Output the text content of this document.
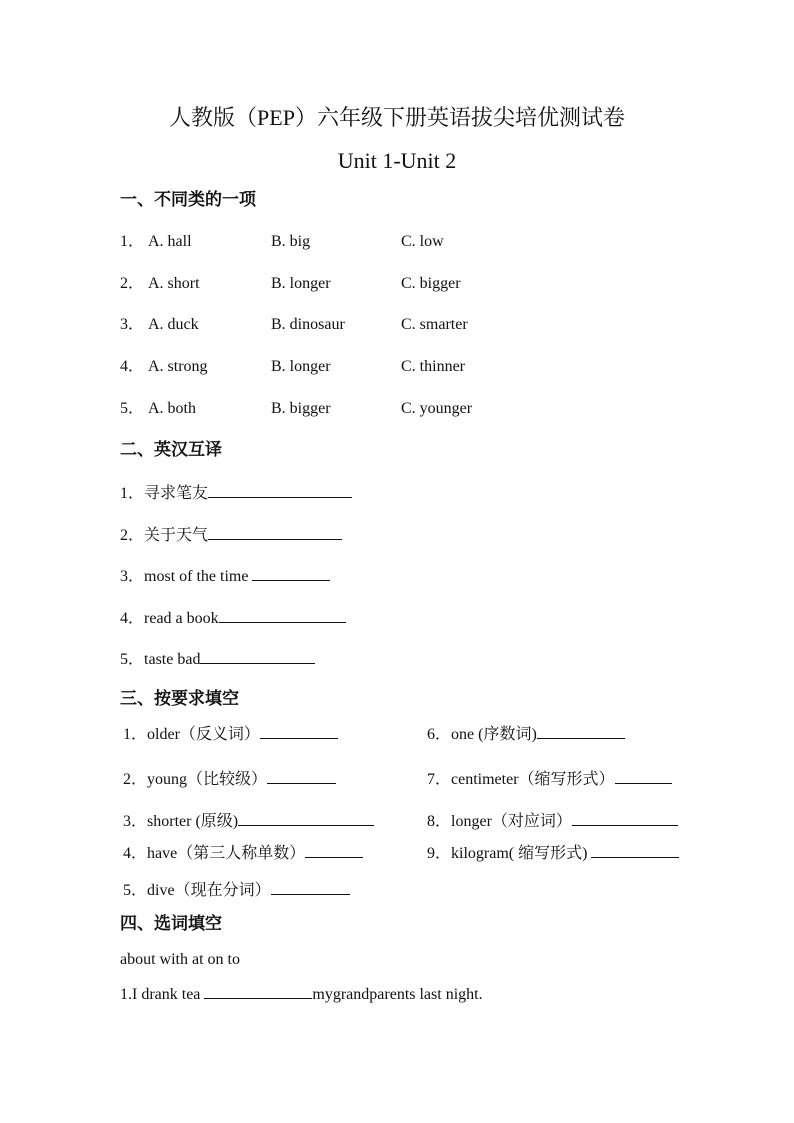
人教版（PEP）六年级下册英语拔尖培优测试卷
Unit 1-Unit 2
一、不同类的一项
1． A. hall	B. big	C. low
2． A. short	B. longer	C. bigger
3． A. duck	B. dinosaur	C. smarter
4． A. strong	B. longer	C. thinner
5． A. both	B. bigger	C. younger
二、英汉互译
1．寻求笔友
2．关于天气
3．most of the time
4．read a book
5．taste bad
三、按要求填空
1．older（反义词）
2．young（比较级）
3．shorter (原级)
4．have（第三人称单数）
5．dive（现在分词）
6．one (序数词)
7．centimeter（缩写形式）
8．longer（对应词）
9．kilogram( 缩写形式)
四、选词填空
about with at on to
1.I drank tea	mygrandparents last night.
